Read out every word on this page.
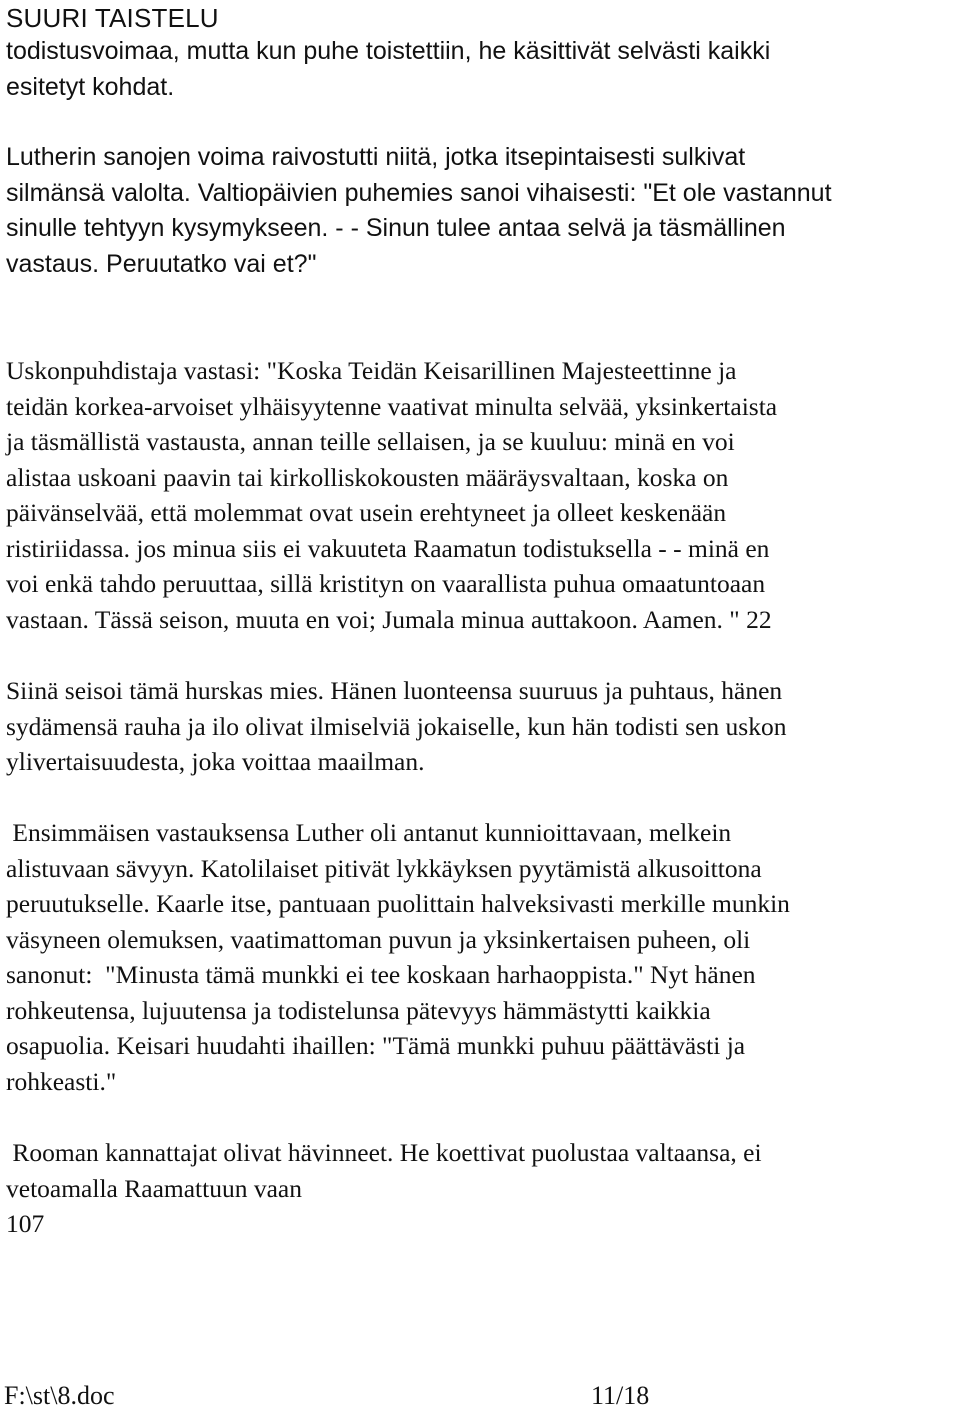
SUURI TAISTELU

todistusvoimaa, mutta kun puhe toistettiin, he käsittivät selvästi kaikki
esitetyt kohdat.

Lutherin sanojen voima raivostutti niitä, jotka itsepintaisesti sulkivat
silmänsä valolta. Valtiopäivien puhemies sanoi vihaisesti: "Et ole vastannut
sinulle tehtyyn kysymykseen. - - Sinun tulee antaa selvä ja täsmällinen
vastaus. Peruutatko vai et?"

Uskonpuhdistaja vastasi: "Koska Teidän Keisarillinen Majesteettinne ja
teidän korkea-arvoiset ylhäisyytenne vaativat minulta selvää, yksinkertaista
ja täsmällistä vastausta, annan teille sellaisen, ja se kuuluu: minä en voi
alistaa uskoani paavin tai kirkolliskokousten määräysvaltaan, koska on
päivänselvää, että molemmat ovat usein erehtyneet ja olleet keskenään
ristiriidassa. jos minua siis ei vakuuteta Raamatun todistuksella - - minä en
voi enkä tahdo peruuttaa, sillä kristityn on vaarallista puhua omaatuntoaan
vastaan. Tässä seison, muuta en voi; Jumala minua auttakoon. Aamen. " 22

Siinä seisoi tämä hurskas mies. Hänen luonteensa suuruus ja puhtaus, hänen
sydämensä rauha ja ilo olivat ilmiselviä jokaiselle, kun hän todisti sen uskon
ylivertaisuudesta, joka voittaa maailman.

Ensimmäisen vastauksensa Luther oli antanut kunnioittavaan, melkein
alistuvaan sävyyn. Katolilaiset pitivät lykkäyksen pyytämistä alkusoittona
peruutukselle. Kaarle itse, pantuaan puolittain halveksivasti merkille munkin
väsyneen olemuksen, vaatimattoman puvun ja yksinkertaisen puheen, oli
sanonut:  "Minusta tämä munkki ei tee koskaan harhaoppista." Nyt hänen
rohkeutensa, lujuutensa ja todistelunsa pätevyys hämmästytti kaikkia
osapuolia. Keisari huudahti ihaillen: "Tämä munkki puhuu päättävästi ja
rohkeasti."

Rooman kannattajat olivat hävinneet. He koettivat puolustaa valtaansa, ei
vetoamalla Raamattuun vaan
107

F:\st\8.doc	11/18
